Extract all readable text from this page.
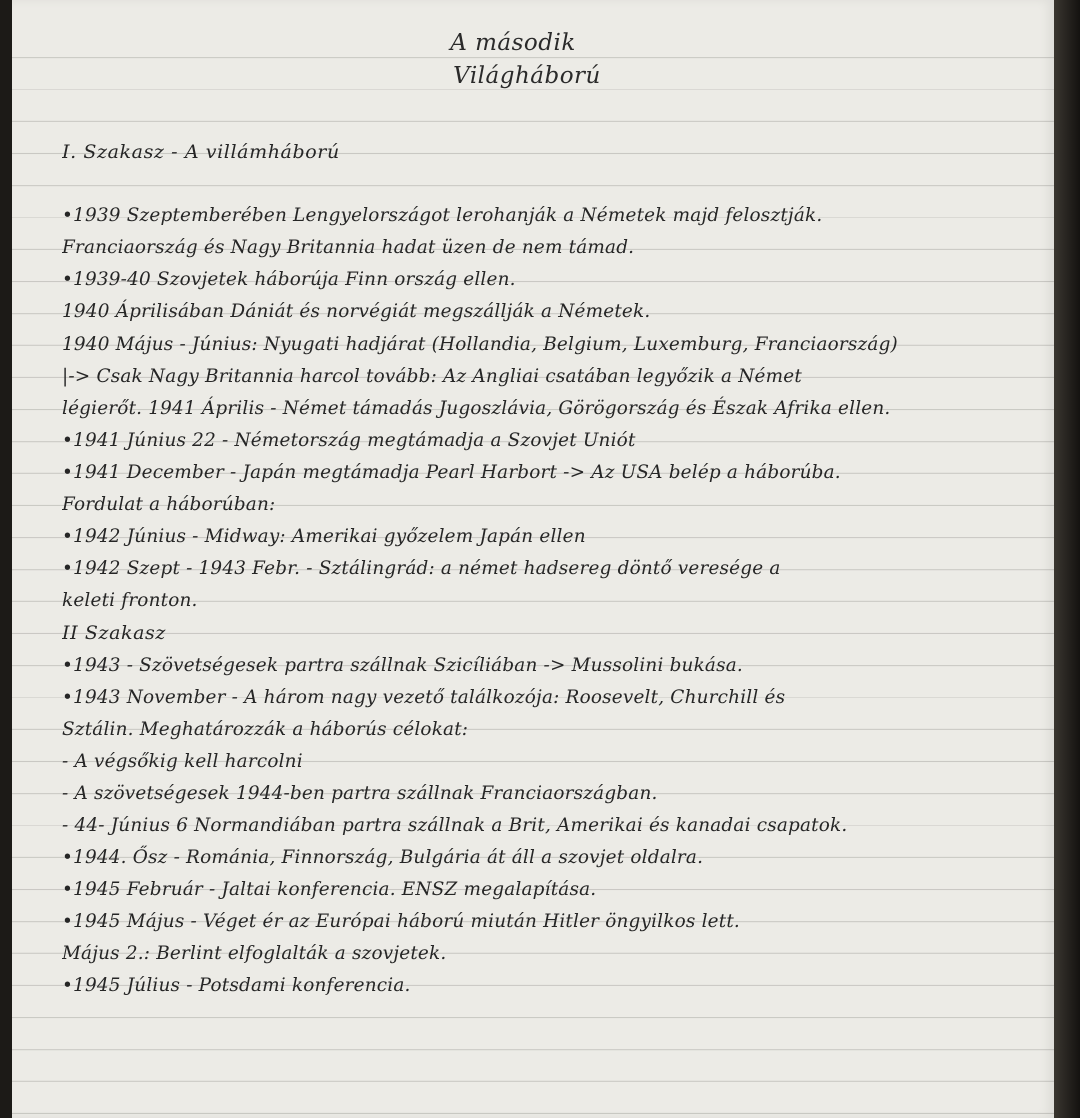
A második

Világháború

I. Szakasz - A villámháború
•1939 Szeptemberében Lengyelországot lerohanják a Németek majd felosztják.
Franciaország és Nagy Britannia hadat üzen de nem támad.
•1939-40 Szovjetek háborúja Finn ország ellen.
1940 Áprilisában Dániát és norvégiát megszállják a Németek.
1940 Május - Június: Nyugati hadjárat (Hollandia, Belgium, Luxemburg, Franciaország)
|-> Csak Nagy Britannia harcol tovább: Az Angliai csatában legyőzik a Német
légierőt. 1941 Április - Német támadás Jugoszlávia, Görögország és Észak Afrika ellen.
•1941 Június 22 - Németország megtámadja a Szovjet Uniót
•1941 December - Japán megtámadja Pearl Harbort -> Az USA belép a háborúba.
Fordulat a háborúban:
•1942 Június - Midway: Amerikai győzelem Japán ellen
•1942 Szept - 1943 Febr. - Sztálingrád: a német hadsereg döntő veresége a
keleti fronton.
II Szakasz
•1943 - Szövetségesek partra szállnak Szicíliában -> Mussolini bukása.
•1943 November - A három nagy vezető találkozója: Roosevelt, Churchill és
Sztálin. Meghatározzák a háborús célokat:
- A végsőkig kell harcolni
- A szövetségesek 1944-ben partra szállnak Franciaországban.
- 44- Június 6 Normandiában partra szállnak a Brit, Amerikai és kanadai csapatok.
•1944. Ősz - Románia, Finnország, Bulgária át áll a szovjet oldalra.
•1945 Február - Jaltai konferencia. ENSZ megalapítása.
•1945 Május - Véget ér az Európai háború miután Hitler öngyilkos lett.
Május 2.: Berlint elfoglalták a szovjetek.
•1945 Július - Potsdami konferencia.
